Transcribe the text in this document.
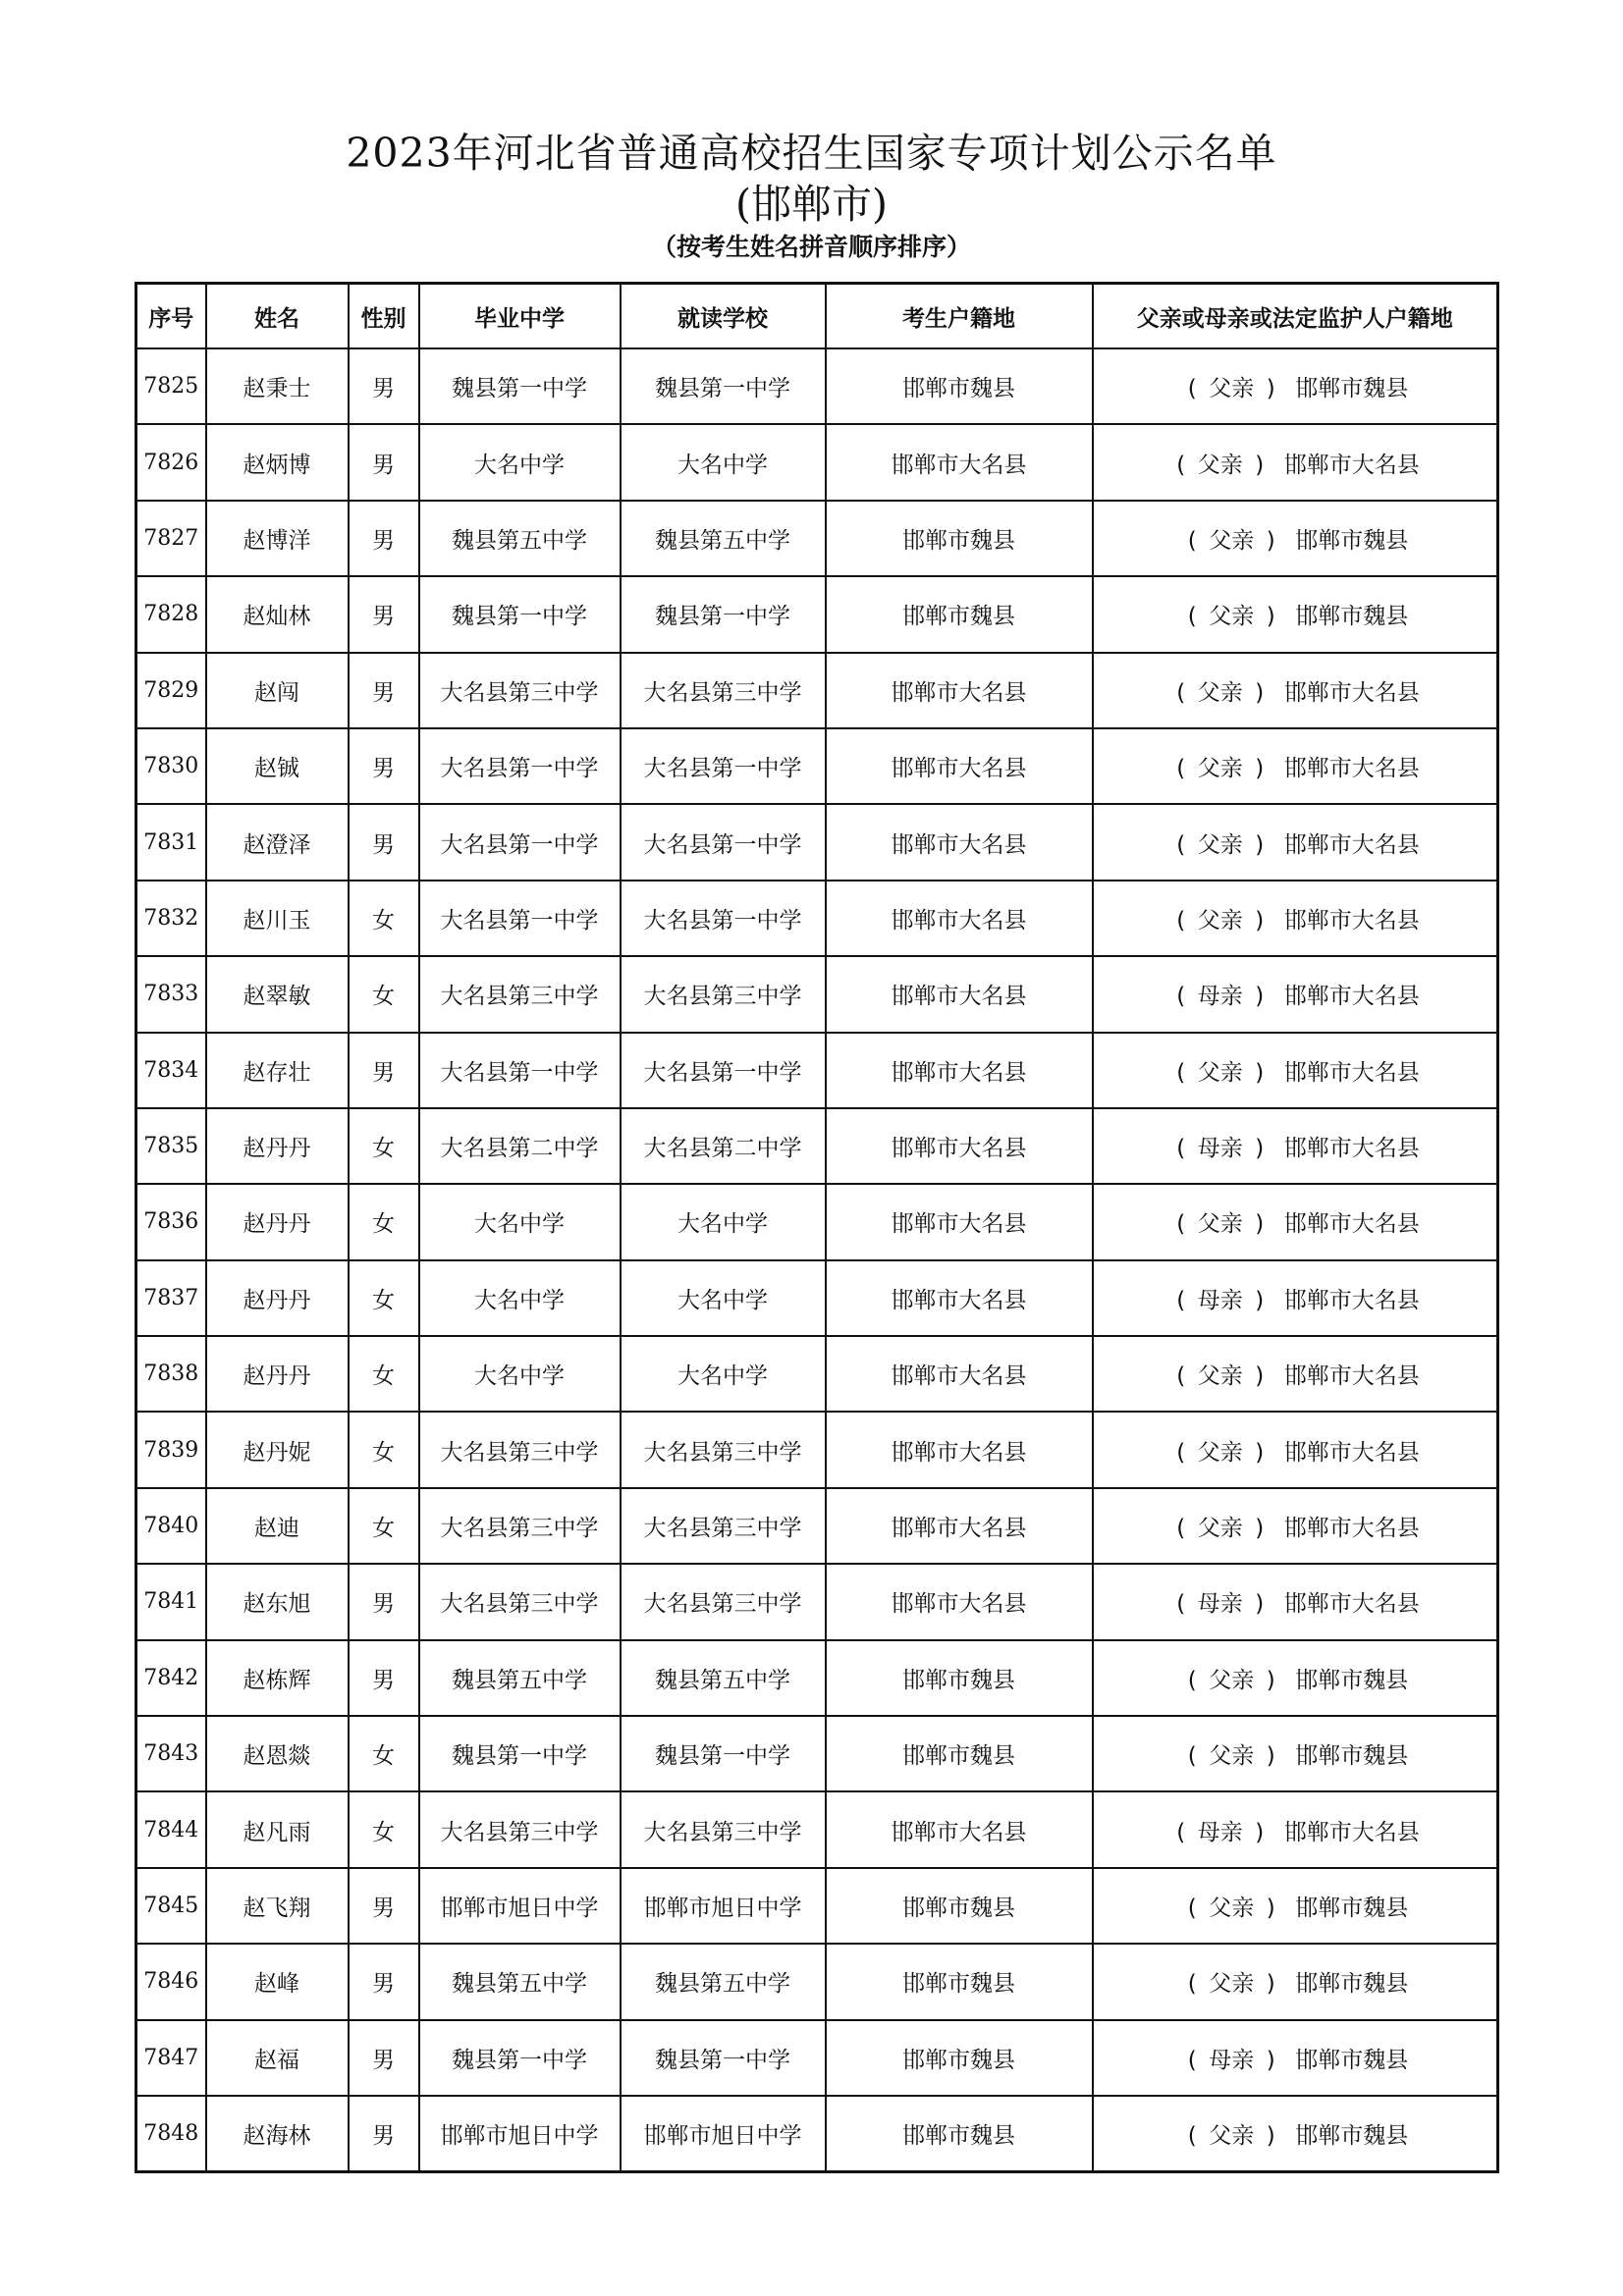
2023年河北省普通高校招生国家专项计划公示名单
(邯郸市)
（按考生姓名拼音顺序排序）
序号	姓名	性别	毕业中学	就读学校	考生户籍地	父亲或母亲或法定监护人户籍地
7825	赵秉士	男	魏县第一中学	魏县第一中学	邯郸市魏县	( 父亲 ) 邯郸市魏县
7826	赵炳博	男	大名中学	大名中学	邯郸市大名县	( 父亲 ) 邯郸市大名县
7827	赵博洋	男	魏县第五中学	魏县第五中学	邯郸市魏县	( 父亲 ) 邯郸市魏县
7828	赵灿林	男	魏县第一中学	魏县第一中学	邯郸市魏县	( 父亲 ) 邯郸市魏县
7829	赵闯	男	大名县第三中学	大名县第三中学	邯郸市大名县	( 父亲 ) 邯郸市大名县
7830	赵铖	男	大名县第一中学	大名县第一中学	邯郸市大名县	( 父亲 ) 邯郸市大名县
7831	赵澄泽	男	大名县第一中学	大名县第一中学	邯郸市大名县	( 父亲 ) 邯郸市大名县
7832	赵川玉	女	大名县第一中学	大名县第一中学	邯郸市大名县	( 父亲 ) 邯郸市大名县
7833	赵翠敏	女	大名县第三中学	大名县第三中学	邯郸市大名县	( 母亲 ) 邯郸市大名县
7834	赵存壮	男	大名县第一中学	大名县第一中学	邯郸市大名县	( 父亲 ) 邯郸市大名县
7835	赵丹丹	女	大名县第二中学	大名县第二中学	邯郸市大名县	( 母亲 ) 邯郸市大名县
7836	赵丹丹	女	大名中学	大名中学	邯郸市大名县	( 父亲 ) 邯郸市大名县
7837	赵丹丹	女	大名中学	大名中学	邯郸市大名县	( 母亲 ) 邯郸市大名县
7838	赵丹丹	女	大名中学	大名中学	邯郸市大名县	( 父亲 ) 邯郸市大名县
7839	赵丹妮	女	大名县第三中学	大名县第三中学	邯郸市大名县	( 父亲 ) 邯郸市大名县
7840	赵迪	女	大名县第三中学	大名县第三中学	邯郸市大名县	( 父亲 ) 邯郸市大名县
7841	赵东旭	男	大名县第三中学	大名县第三中学	邯郸市大名县	( 母亲 ) 邯郸市大名县
7842	赵栋辉	男	魏县第五中学	魏县第五中学	邯郸市魏县	( 父亲 ) 邯郸市魏县
7843	赵恩燚	女	魏县第一中学	魏县第一中学	邯郸市魏县	( 父亲 ) 邯郸市魏县
7844	赵凡雨	女	大名县第三中学	大名县第三中学	邯郸市大名县	( 母亲 ) 邯郸市大名县
7845	赵飞翔	男	邯郸市旭日中学	邯郸市旭日中学	邯郸市魏县	( 父亲 ) 邯郸市魏县
7846	赵峰	男	魏县第五中学	魏县第五中学	邯郸市魏县	( 父亲 ) 邯郸市魏县
7847	赵福	男	魏县第一中学	魏县第一中学	邯郸市魏县	( 母亲 ) 邯郸市魏县
7848	赵海林	男	邯郸市旭日中学	邯郸市旭日中学	邯郸市魏县	( 父亲 ) 邯郸市魏县
